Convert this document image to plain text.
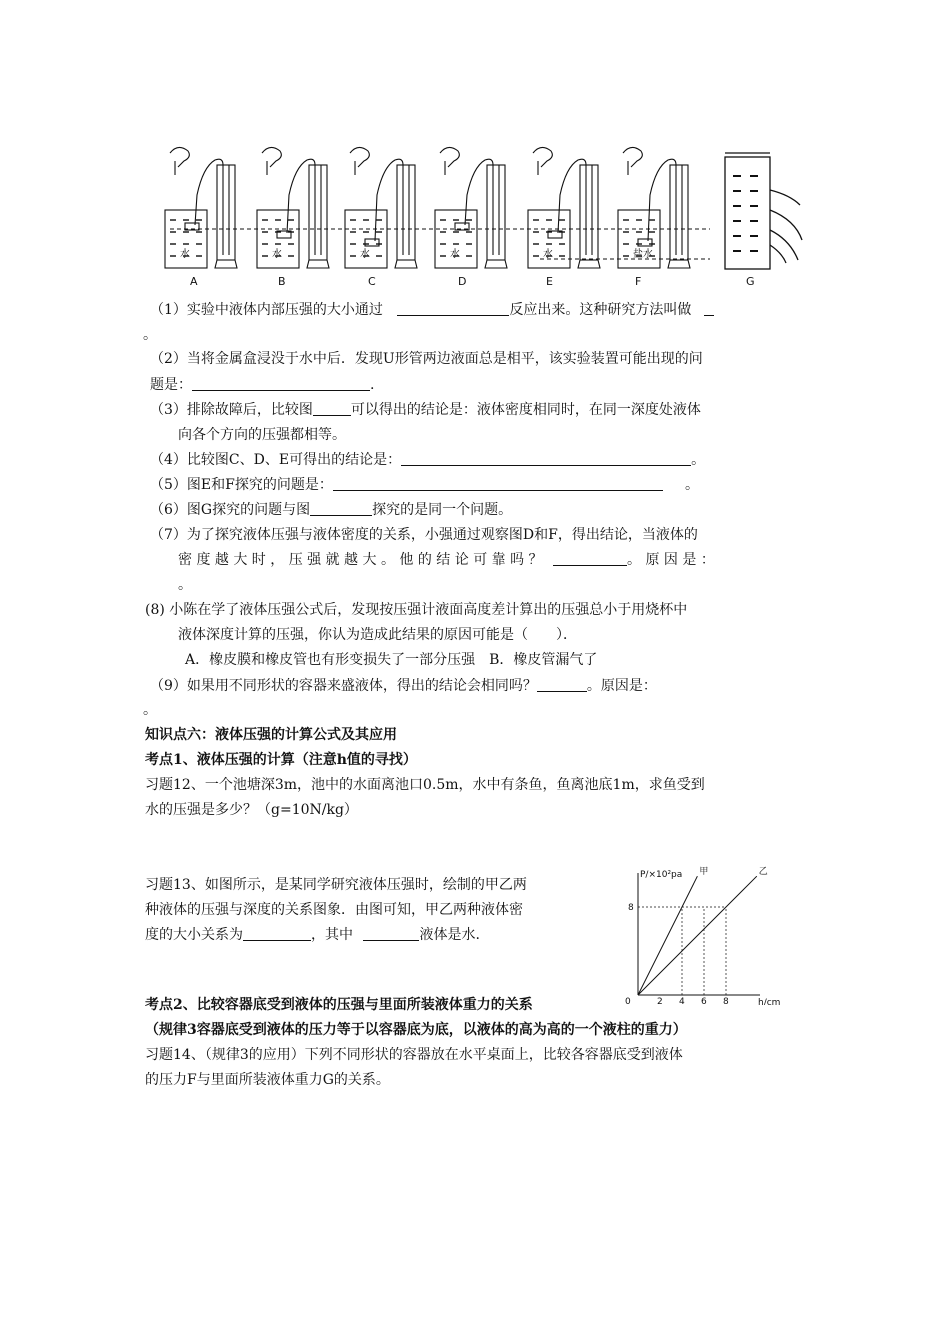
水	水	水	水	水	盐水
A	B	C	D	E	F	G
（1）实验中液体内部压强的大小通过	反应出来。这种研究方法叫做
。
（2）当将金属盒浸没于水中后．发现U形管两边液面总是相平，该实验装置可能出现的问
题是：	.
（3）排除故障后，比较图	可以得出的结论是：液体密度相同时，在同一深度处液体
向各个方向的压强都相等。
（4）比较图C、D、E可得出的结论是：	。
（5）图E和F探究的问题是：	。
（6）图G探究的问题与图	探究的是同一个问题。
（7）为了探究液体压强与液体密度的关系，小强通过观察图D和F，得出结论，当液体的
密 度 越 大 时 ， 压 强 就 越 大 。 他 的 结 论 可 靠 吗 ？	。 原 因 是 ：
。
(8) 小陈在学了液体压强公式后，发现按压强计液面高度差计算出的压强总小于用烧杯中
液体深度计算的压强，你认为造成此结果的原因可能是（　　）．
A．橡皮膜和橡皮管也有形变损失了一部分压强　B．橡皮管漏气了
（9）如果用不同形状的容器来盛液体，得出的结论会相同吗？	。原因是：
。
知识点六：液体压强的计算公式及其应用
考点1、液体压强的计算（注意h值的寻找）
习题12、一个池塘深3m，池中的水面离池口0.5m，水中有条鱼，鱼离池底1m，求鱼受到
水的压强是多少？（g=10N/kg）
习题13、如图所示，是某同学研究液体压强时，绘制的甲乙两
种液体的压强与深度的关系图象．由图可知，甲乙两种液体密
度的大小关系为	，其中	液体是水.
P/×10²pa
h/cm
0	2 4 6 8
8
甲	乙
考点2、比较容器底受到液体的压强与里面所装液体重力的关系
（规律3容器底受到液体的压力等于以容器底为底，以液体的高为高的一个液柱的重力）
习题14、（规律3的应用）下列不同形状的容器放在水平桌面上，比较各容器底受到液体
的压力F与里面所装液体重力G的关系。
